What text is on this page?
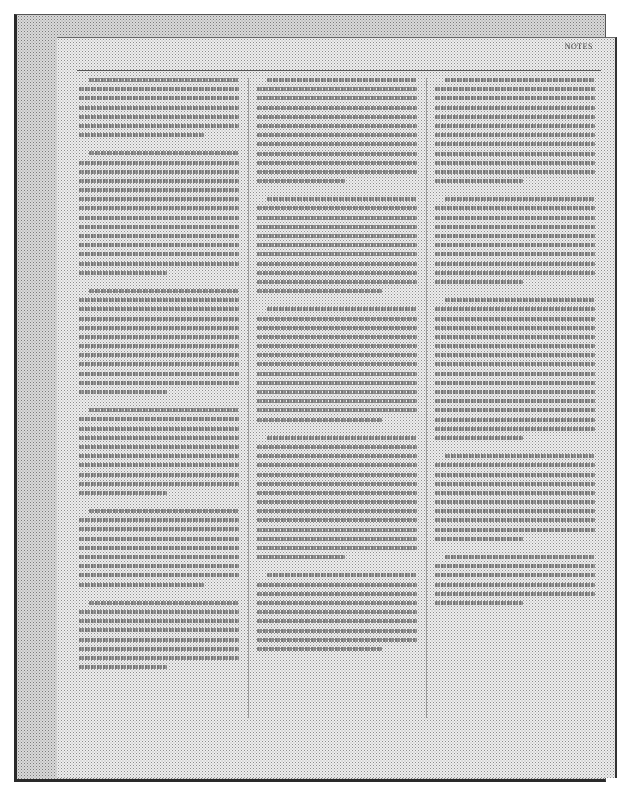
NOTES
